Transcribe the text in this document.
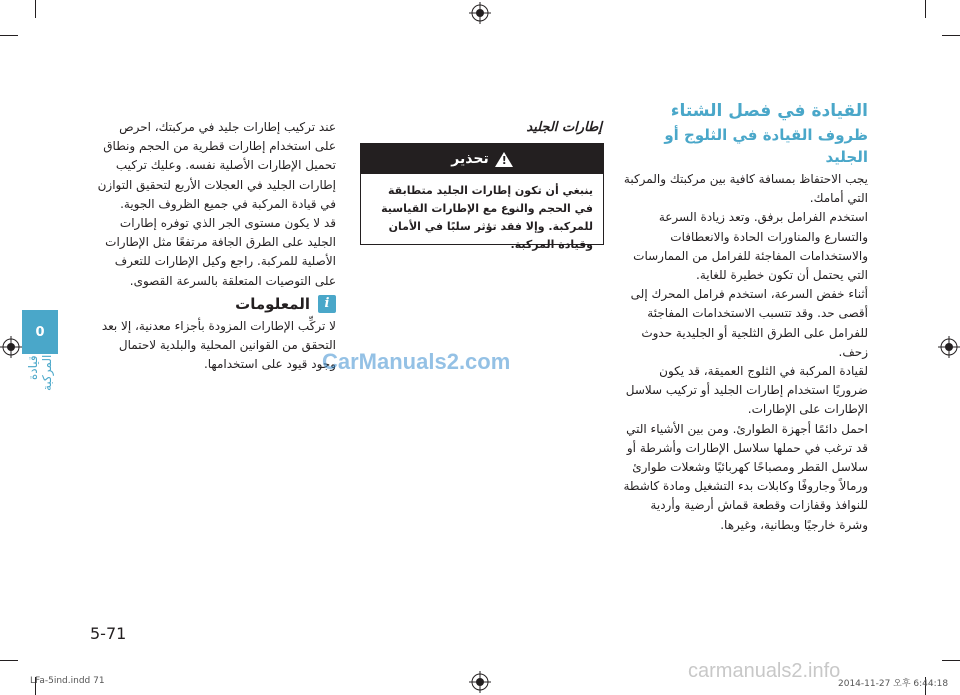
0
قيادة المركبة
القيادة في فصل الشتاء
ظروف القيادة في الثلوج أو الجليد

يجب الاحتفاظ بمسافة كافية بين مركبتك والمركبة التي أمامك.

استخدم الفرامل برفق. وتعد زيادة السرعة والتسارع والمناورات الحادة والانعطافات والاستخدامات المفاجئة للفرامل من الممارسات التي يحتمل أن تكون خطيرة للغاية.

أثناء خفض السرعة، استخدم فرامل المحرك إلى أقصى حد. وقد تتسبب الاستخدامات المفاجئة للفرامل على الطرق الثلجية أو الجليدية حدوث زحف.

لقيادة المركبة في الثلوج العميقة، قد يكون ضروريًا استخدام إطارات الجليد أو تركيب سلاسل الإطارات على الإطارات.

احمل دائمًا أجهزة الطوارئ. ومن بين الأشياء التي قد ترغب في حملها سلاسل الإطارات وأشرطة أو سلاسل القطر ومصباحًا كهربائيًا وشعلات طوارئ ورمالاً وجاروفًا وكابلات بدء التشغيل ومادة كاشطة للنوافذ وقفازات وقطعة قماش أرضية وأردية وشرة خارجيًا وبطانية، وغيرها.

إطارات الجليد
!
تحذير
ينبغي أن تكون إطارات الجليد متطابقة في الحجم والنوع مع الإطارات القياسية للمركبة. وإلا فقد تؤثر سلبًا في الأمان وقيادة المركبة.

عند تركيب إطارات جليد في مركبتك، احرص على استخدام إطارات قطرية من الحجم ونطاق تحميل الإطارات الأصلية نفسه. وعليك تركيب إطارات الجليد في العجلات الأربع لتحقيق التوازن في قيادة المركبة في جميع الظروف الجوية.

قد لا يكون مستوى الجر الذي توفره إطارات الجليد على الطرق الجافة مرتفعًا مثل الإطارات الأصلية للمركبة. راجع وكيل الإطارات للتعرف على التوصيات المتعلقة بالسرعة القصوى.

i
المعلومات

لا تركِّب الإطارات المزودة بأجزاء معدنية، إلا بعد التحقق من القوانين المحلية والبلدية لاحتمال وجود قيود على استخدامها.

CarManuals2.com
carmanuals2.info
5-71
LFa-5ind.indd 71	2014-11-27 오후 6:44:18
